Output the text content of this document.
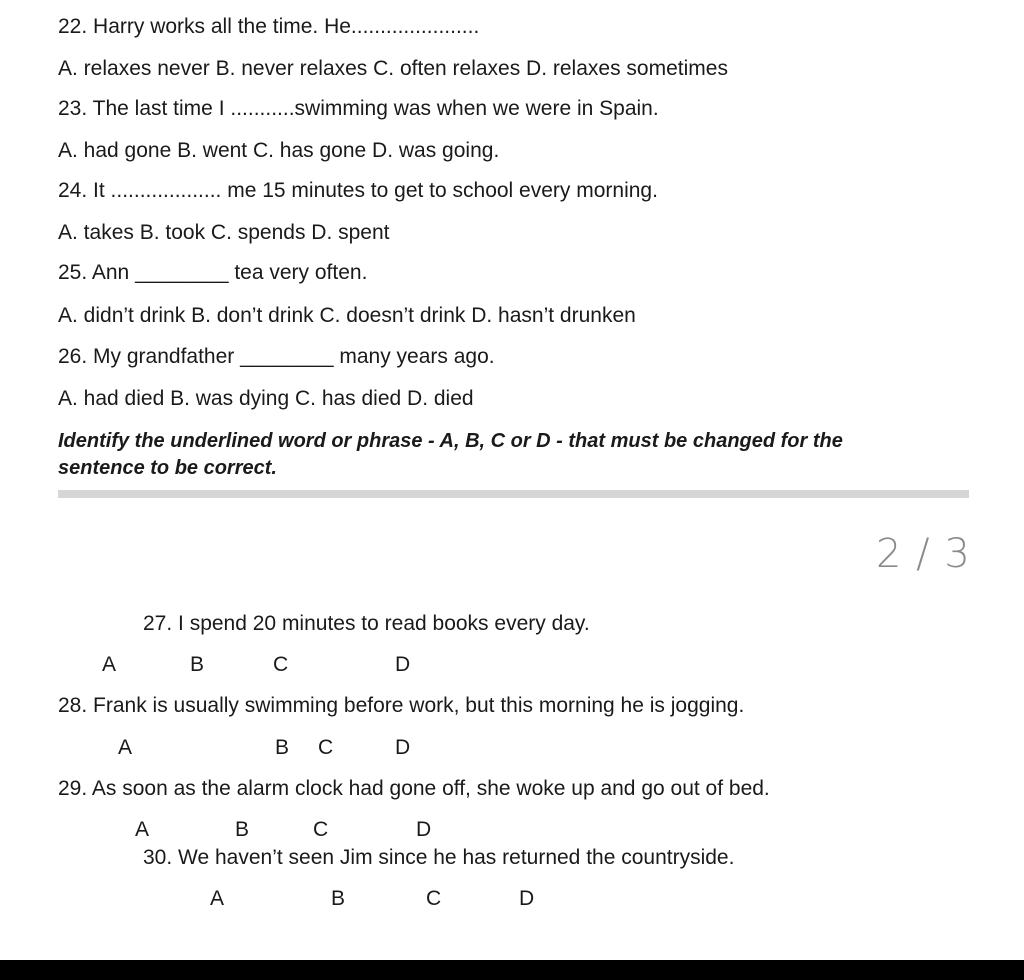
22. Harry works all the time. He......................
A. relaxes never B. never relaxes C. often relaxes D. relaxes sometimes
23. The last time I ...........swimming was when we were in Spain.
A. had gone B. went C. has gone D. was going.
24. It ................... me 15 minutes to get to school every morning.
A. takes B. took C. spends D. spent
25. Ann ________ tea very often.
A. didn’t drink B. don’t drink C. doesn’t drink D. hasn’t drunken
26. My grandfather ________ many years ago.
A. had died B. was dying C. has died D. died
Identify the underlined word or phrase - A, B, C or D - that must be changed for the sentence to be correct.
2 / 3
27. I spend 20 minutes to read books every day.
A	B	C	D
28. Frank is usually swimming before work, but this morning he is jogging.
A	B C	D
29. As soon as the alarm clock had gone off, she woke up and go out of bed.
A	B	C	D
30. We haven’t seen Jim since he has returned the countryside.
A	B	C	D
